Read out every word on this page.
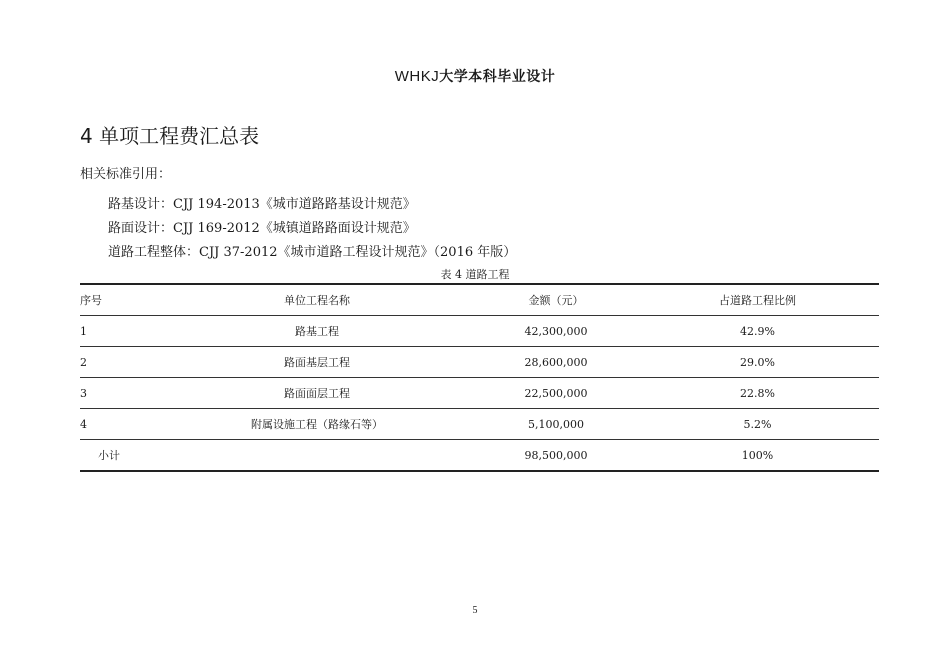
WHKJ大学本科毕业设计
4 单项工程费汇总表
相关标准引用：
路基设计：CJJ 194-2013《城市道路路基设计规范》
路面设计：CJJ 169-2012《城镇道路路面设计规范》
道路工程整体：CJJ 37-2012《城市道路工程设计规范》（2016 年版）
表 4 道路工程
序号	单位工程名称	金额（元）	占道路工程比例
1	路基工程	42,300,000	42.9%
2	路面基层工程	28,600,000	29.0%
3	路面面层工程	22,500,000	22.8%
4	附属设施工程（路缘石等）	5,100,000	5.2%
小计		98,500,000	100%
5
